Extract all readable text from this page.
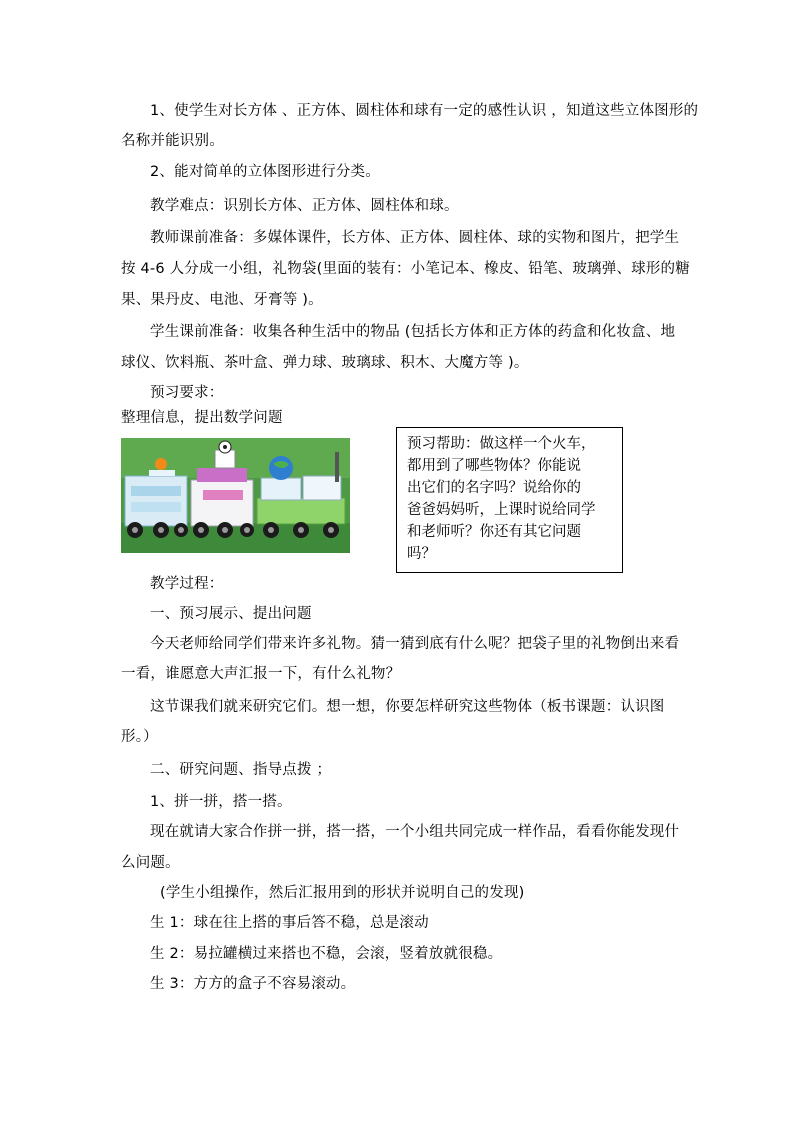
1、使学生对长方体 、正方体、圆柱体和球有一定的感性认识 ，知道这些立体图形的
名称并能识别。
2、能对简单的立体图形进行分类。
教学难点：识别长方体、正方体、圆柱体和球。
教师课前准备：多媒体课件，长方体、正方体、圆柱体、球的实物和图片，把学生
按 4-6 人分成一小组，礼物袋(里面的装有：小笔记本、橡皮、铅笔、玻璃弹、球形的糖
果、果丹皮、电池、牙膏等 )。
学生课前准备：收集各种生活中的物品 (包括长方体和正方体的药盒和化妆盒、地
球仪、饮料瓶、茶叶盒、弹力球、玻璃球、积木、大魔方等 )。
预习要求：
整理信息，提出数学问题
预习帮助：做这样一个火车，
都用到了哪些物体？你能说
出它们的名字吗？说给你的
爸爸妈妈听，上课时说给同学
和老师听？你还有其它问题
吗？
教学过程：
一、预习展示、提出问题
今天老师给同学们带来许多礼物。猜一猜到底有什么呢？把袋子里的礼物倒出来看
一看，谁愿意大声汇报一下，有什么礼物？
这节课我们就来研究它们。想一想，你要怎样研究这些物体（板书课题：认识图
形。）
二、研究问题、指导点拨 ；
1、拼一拼，搭一搭。
现在就请大家合作拼一拼，搭一搭，一个小组共同完成一样作品，看看你能发现什
么问题。
(学生小组操作，然后汇报用到的形状并说明自己的发现)
生 1：球在往上搭的事后答不稳，总是滚动
生 2：易拉罐横过来搭也不稳，会滚，竖着放就很稳。
生 3：方方的盒子不容易滚动。
